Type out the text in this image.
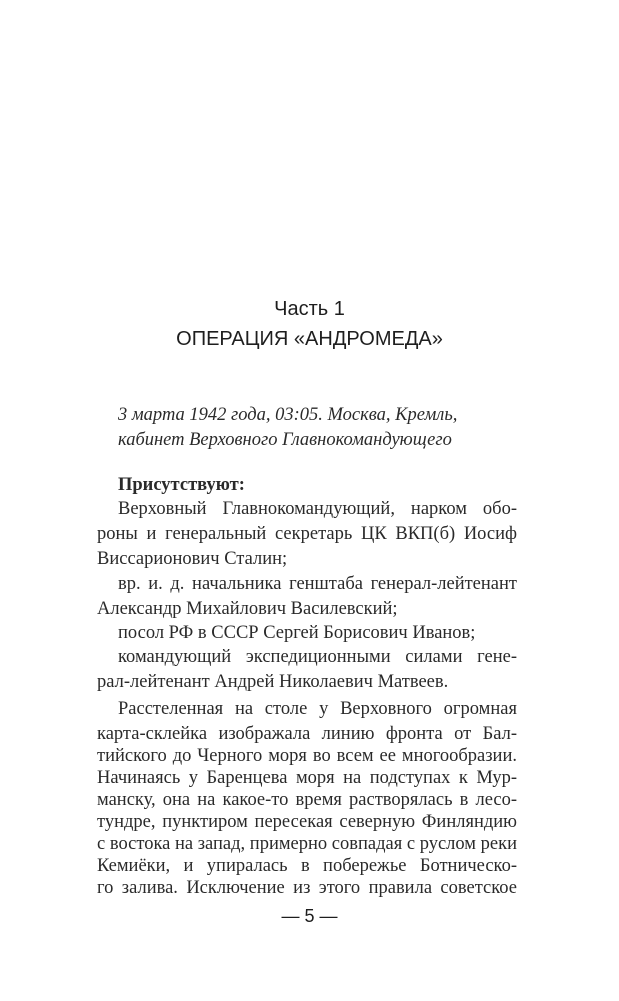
Часть 1
ОПЕРАЦИЯ «АНДРОМЕДА»
3 марта 1942 года, 03:05. Москва, Кремль,
кабинет Верховного Главнокомандующего
Присутствуют:
Верховный Главнокомандующий, нарком обо-
роны и генеральный секретарь ЦК ВКП(б) Иосиф
Виссарионович Сталин;
вр. и. д. начальника генштаба генерал-лейтенант
Александр Михайлович Василевский;
посол РФ в СССР Сергей Борисович Иванов;
командующий экспедиционными силами гене-
рал-лейтенант Андрей Николаевич Матвеев.
Расстеленная на столе у Верховного огромная
карта-склейка изображала линию фронта от Бал-
тийского до Черного моря во всем ее многообразии.
Начинаясь у Баренцева моря на подступах к Мур-
манску, она на какое-то время растворялась в лесо-
тундре, пунктиром пересекая северную Финляндию
с востока на запад, примерно совпадая с руслом реки
Кемиёки, и упиралась в побережье Ботническо-
го залива. Исключение из этого правила советское
— 5 —
